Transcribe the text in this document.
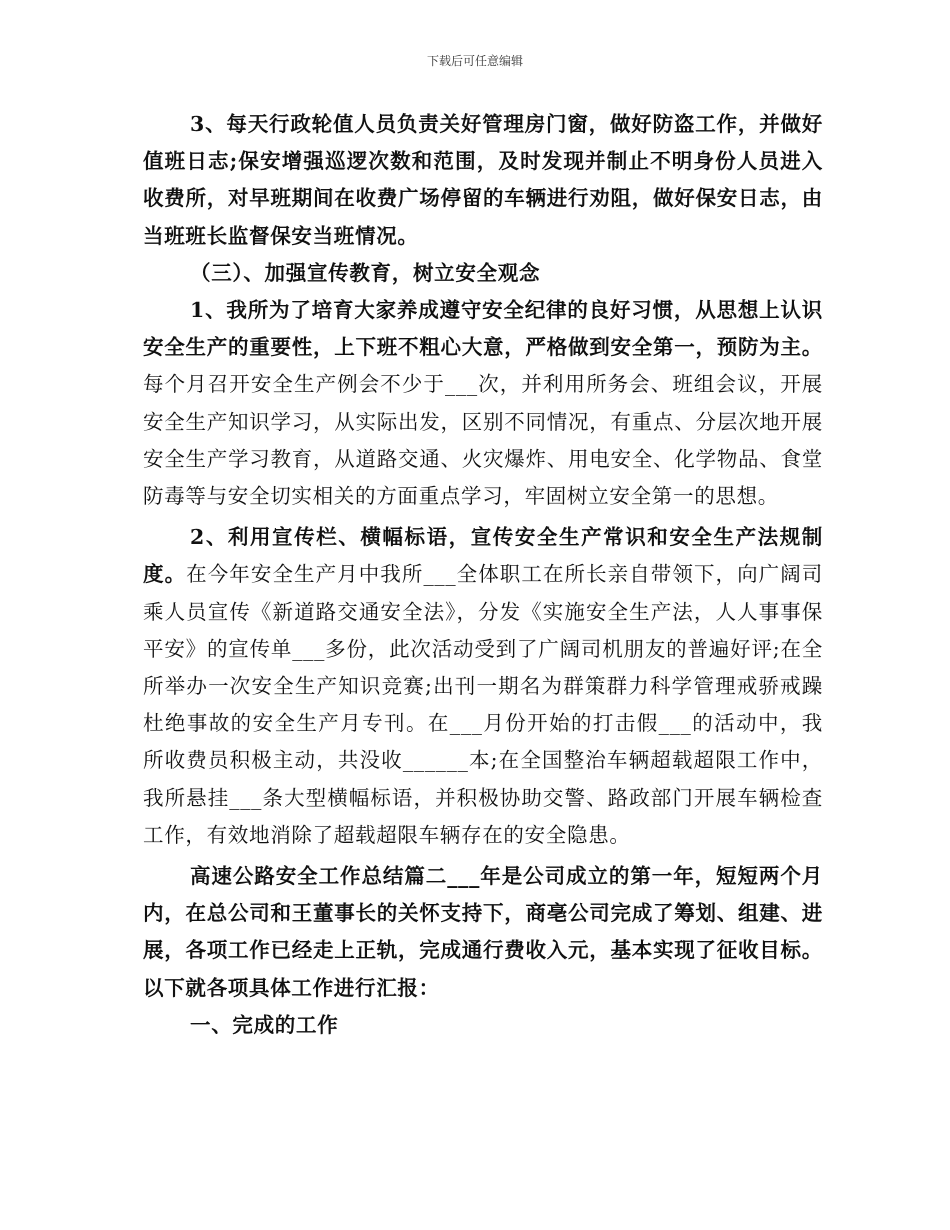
下载后可任意编辑

3、每天行政轮值人员负责关好管理房门窗，做好防盗工作，并做好值班日志;保安增强巡逻次数和范围，及时发现并制止不明身份人员进入收费所，对早班期间在收费广场停留的车辆进行劝阻，做好保安日志，由当班班长监督保安当班情况。

（三）、加强宣传教育，树立安全观念

1、我所为了培育大家养成遵守安全纪律的良好习惯，从思想上认识安全生产的重要性，上下班不粗心大意，严格做到安全第一，预防为主。每个月召开安全生产例会不少于___次，并利用所务会、班组会议，开展安全生产知识学习，从实际出发，区别不同情况，有重点、分层次地开展安全生产学习教育，从道路交通、火灾爆炸、用电安全、化学物品、食堂防毒等与安全切实相关的方面重点学习，牢固树立安全第一的思想。

2、利用宣传栏、横幅标语，宣传安全生产常识和安全生产法规制度。在今年安全生产月中我所___全体职工在所长亲自带领下，向广阔司乘人员宣传《新道路交通安全法》，分发《实施安全生产法，人人事事保平安》的宣传单___多份，此次活动受到了广阔司机朋友的普遍好评;在全所举办一次安全生产知识竞赛;出刊一期名为群策群力科学管理戒骄戒躁杜绝事故的安全生产月专刊。在___月份开始的打击假___的活动中，我所收费员积极主动，共没收______本;在全国整治车辆超载超限工作中，我所悬挂___条大型横幅标语，并积极协助交警、路政部门开展车辆检查工作，有效地消除了超载超限车辆存在的安全隐患。

高速公路安全工作总结篇二___年是公司成立的第一年，短短两个月内，在总公司和王董事长的关怀支持下，商亳公司完成了筹划、组建、进展，各项工作已经走上正轨，完成通行费收入元，基本实现了征收目标。以下就各项具体工作进行汇报：

一、完成的工作
